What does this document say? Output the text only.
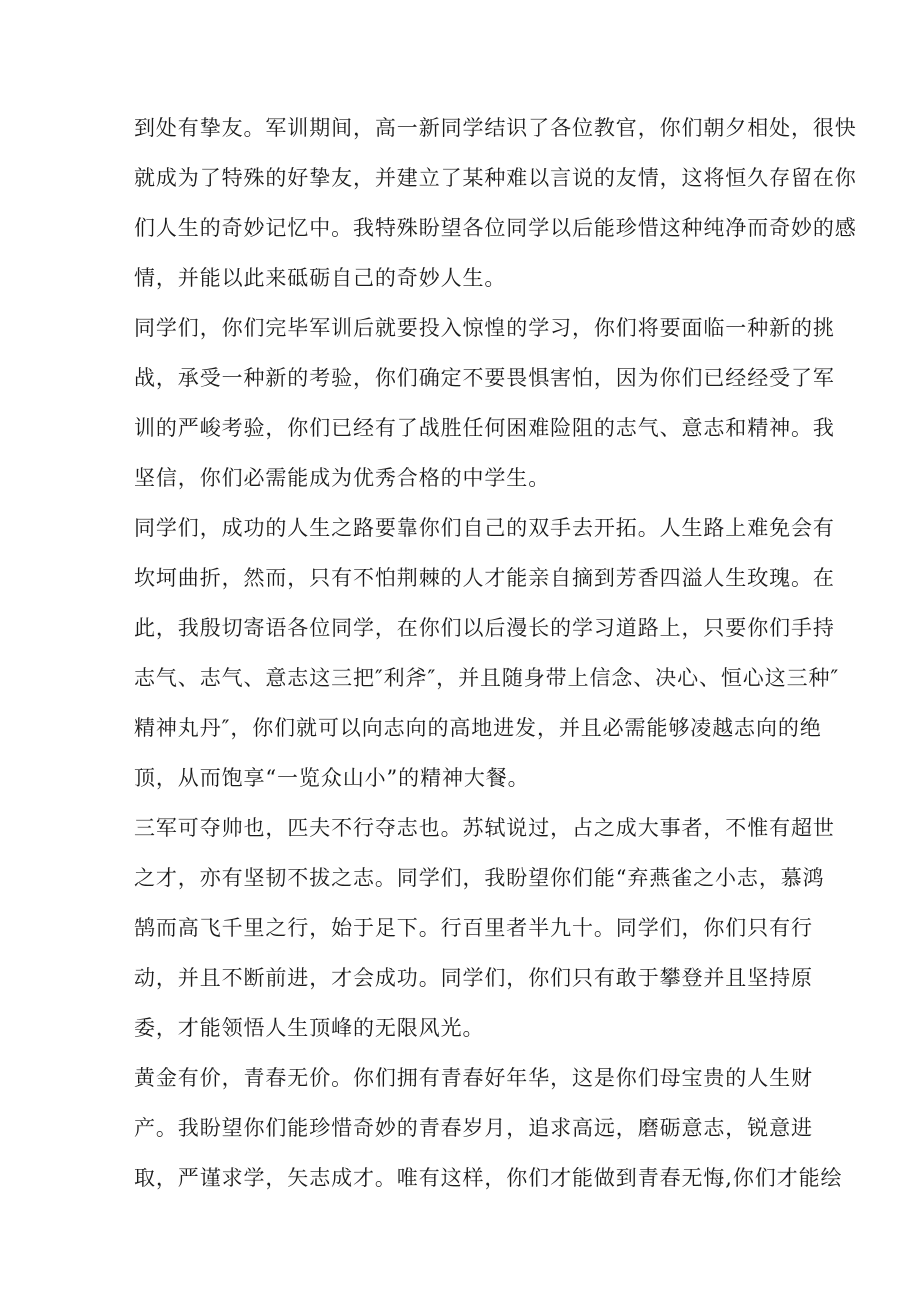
到处有挚友。军训期间，高一新同学结识了各位教官，你们朝夕相处，很快

就成为了特殊的好挚友，并建立了某种难以言说的友情，这将恒久存留在你

们人生的奇妙记忆中。我特殊盼望各位同学以后能珍惜这种纯净而奇妙的感

情，并能以此来砥砺自己的奇妙人生。

同学们，你们完毕军训后就要投入惊惶的学习，你们将要面临一种新的挑

战，承受一种新的考验，你们确定不要畏惧害怕，因为你们已经经受了军

训的严峻考验，你们已经有了战胜任何困难险阻的志气、意志和精神。我

坚信，你们必需能成为优秀合格的中学生。

同学们，成功的人生之路要靠你们自己的双手去开拓。人生路上难免会有

坎坷曲折，然而，只有不怕荆棘的人才能亲自摘到芳香四溢人生玫瑰。在

此，我殷切寄语各位同学，在你们以后漫长的学习道路上，只要你们手持

志气、志气、意志这三把″利斧″，并且随身带上信念、决心、恒心这三种″

精神丸丹″，你们就可以向志向的高地进发，并且必需能够凌越志向的绝

顶，从而饱享“一览众山小”的精神大餐。

三军可夺帅也，匹夫不行夺志也。苏轼说过，占之成大事者，不惟有超世

之才，亦有坚韧不拔之志。同学们，我盼望你们能“弃燕雀之小志，慕鸿

鹄而高飞千里之行，始于足下。行百里者半九十。同学们，你们只有行

动，并且不断前进，才会成功。同学们，你们只有敢于攀登并且坚持原

委，才能领悟人生顶峰的无限风光。

黄金有价，青春无价。你们拥有青春好年华，这是你们母宝贵的人生财

产。我盼望你们能珍惜奇妙的青春岁月，追求高远，磨砺意志，锐意进

取，严谨求学，矢志成才。唯有这样，你们才能做到青春无悔,你们才能绘
